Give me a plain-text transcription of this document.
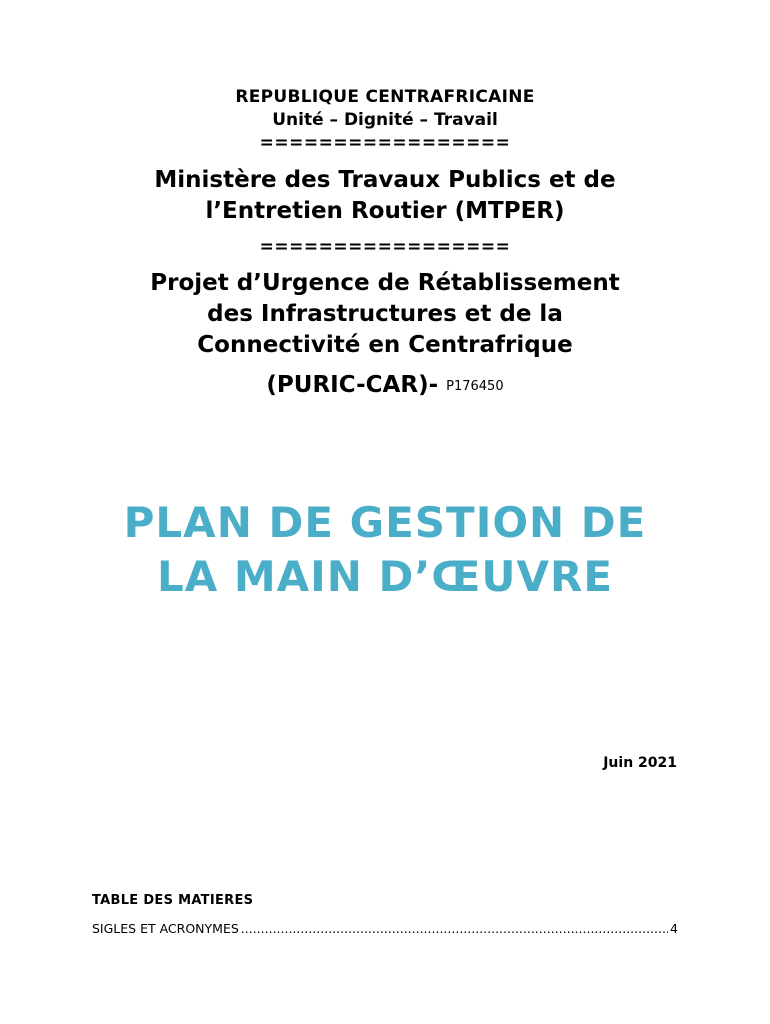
REPUBLIQUE CENTRAFRICAINE
Unité – Dignité – Travail
=================
Ministère des Travaux Publics et de
l’Entretien Routier (MTPER)
=================
Projet d’Urgence de Rétablissement
des Infrastructures et de la
Connectivité en Centrafrique
(PURIC-CAR)- P176450
PLAN DE GESTION DE
LA MAIN D’ŒUVRE
Juin 2021
TABLE DES MATIERES
SIGLES ET ACRONYMES
.....	4
